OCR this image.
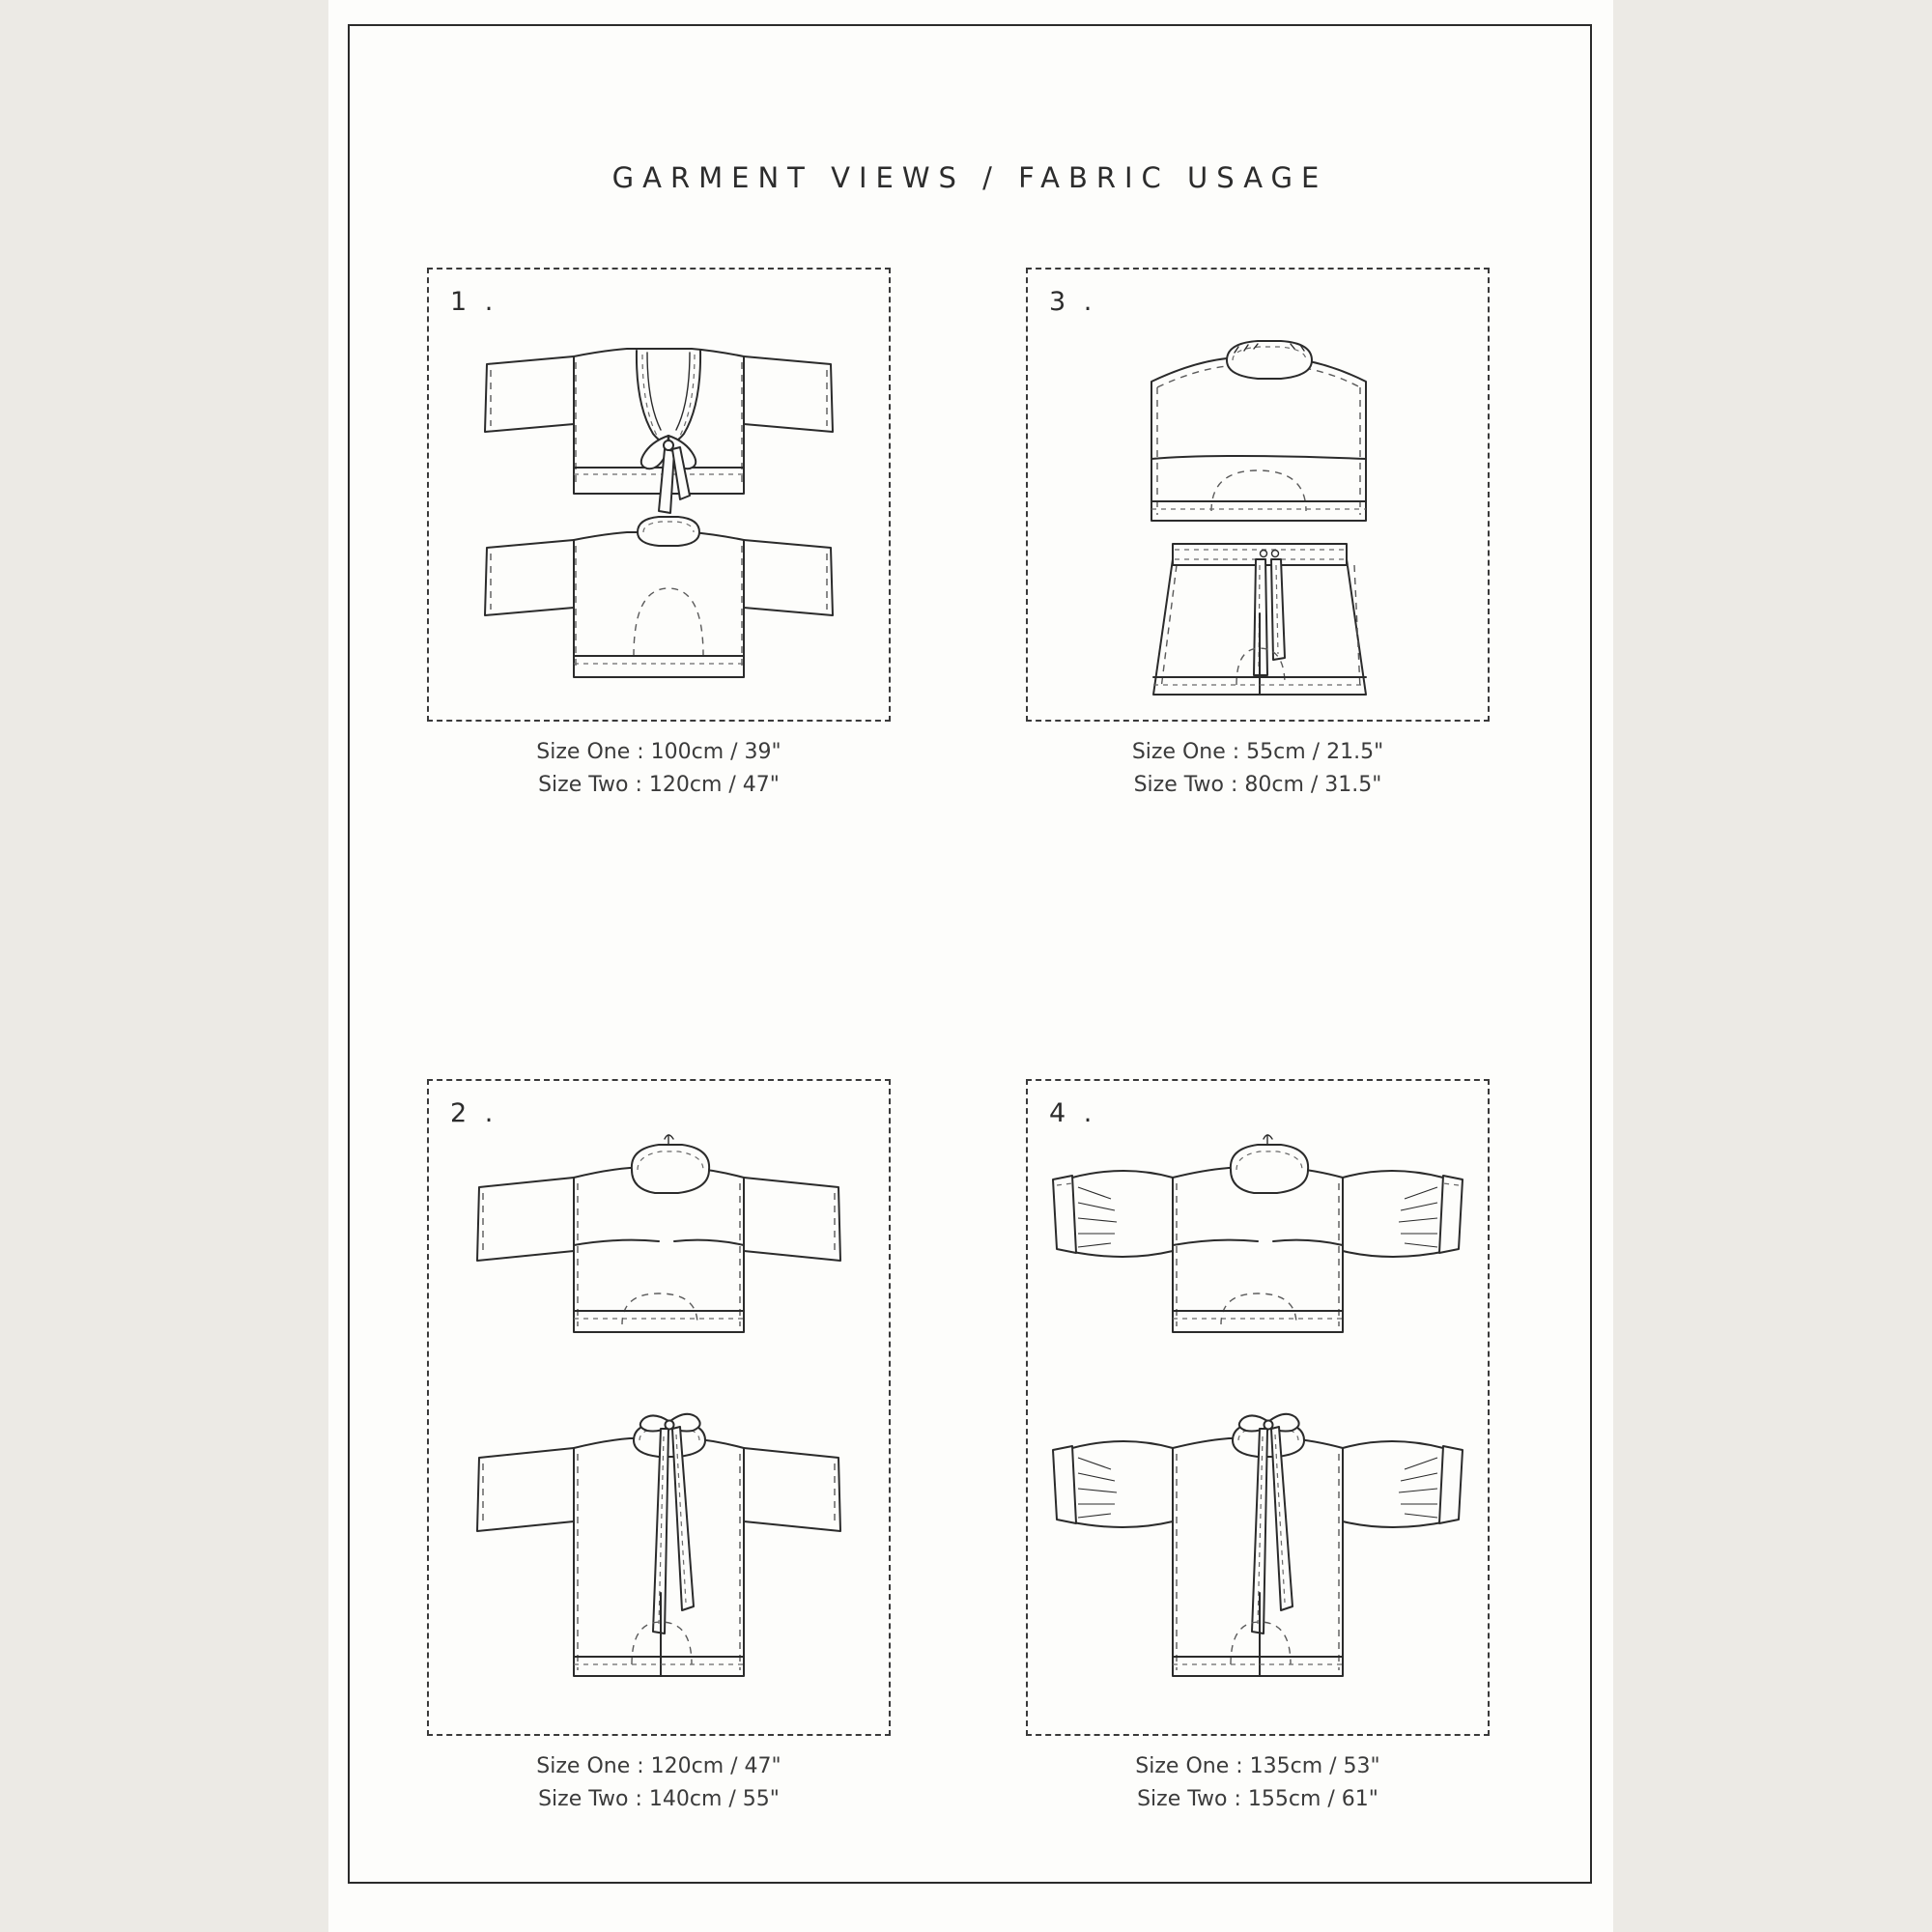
GARMENT VIEWS / FABRIC USAGE
1 .
Size One : 100cm / 39"
Size Two : 120cm / 47"
3 .
Size One : 55cm / 21.5"
Size Two : 80cm / 31.5"
2 .
Size One : 120cm / 47"
Size Two : 140cm / 55"
4 .
Size One : 135cm / 53"
Size Two : 155cm / 61"
